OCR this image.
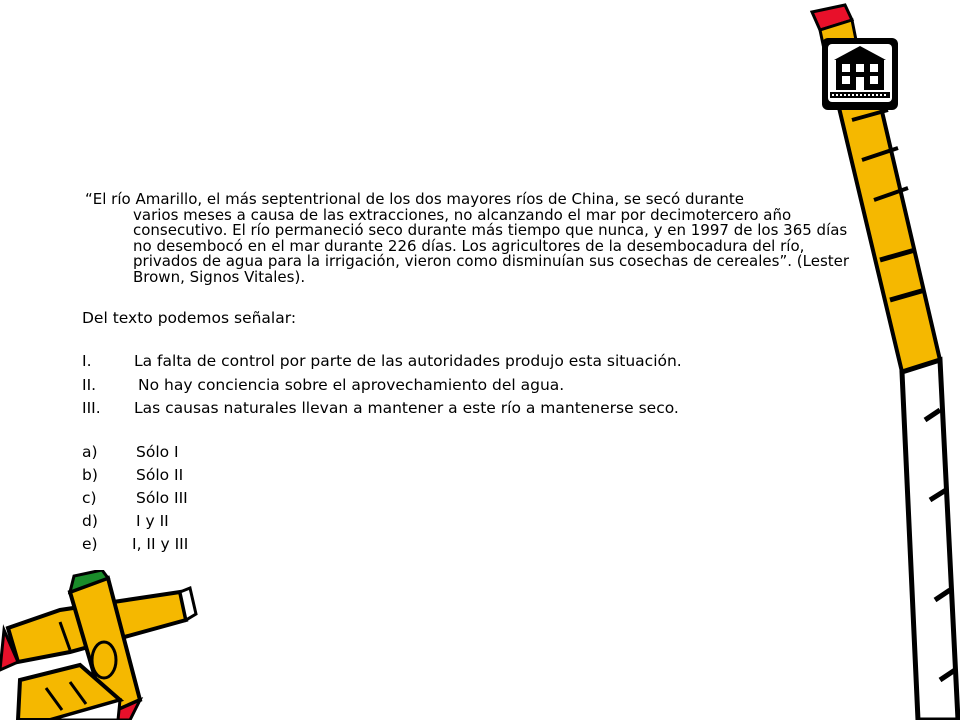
“El río Amarillo, el más septentrional de los dos mayores ríos de China, se secó durante
varios meses a causa de las extracciones, no alcanzando el mar por decimotercero año consecutivo. El río permaneció seco durante más tiempo que nunca, y en 1997 de los 365 días no desembocó en el mar durante 226 días. Los agricultores de la desembocadura del río, privados de agua para la irrigación, vieron como disminuían sus cosechas de cereales”. (Lester Brown, Signos Vitales).
Del texto podemos señalar:
I.	La falta de control por parte de las autoridades produjo esta situación.
II.	No hay conciencia sobre el aprovechamiento del agua.
III. Las causas naturales llevan a mantener a este río a mantenerse seco.
a) Sólo I
b) Sólo II
c)	Sólo III
d) I y II
e) I, II y III
